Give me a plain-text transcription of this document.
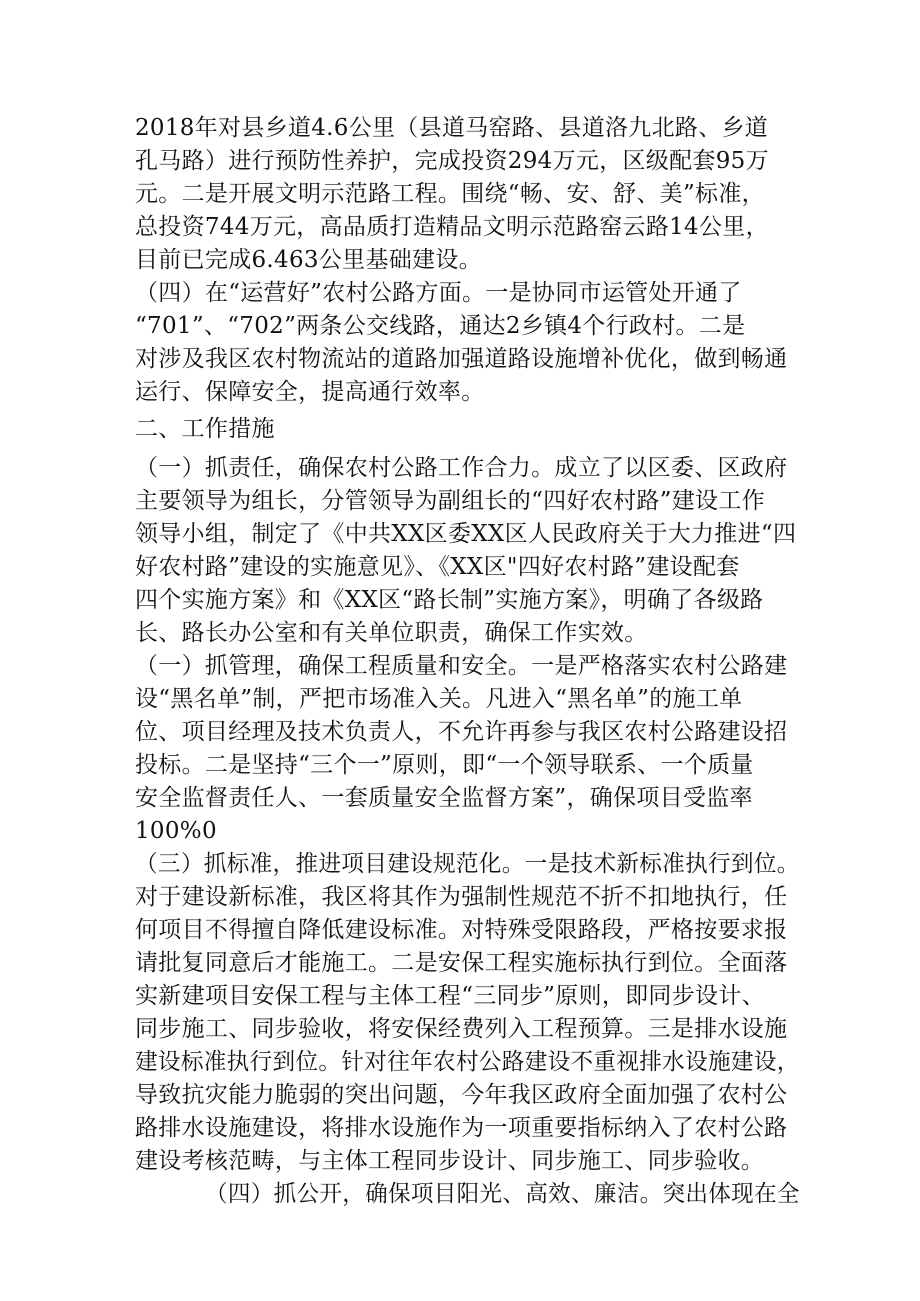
2018年对县乡道4.6公里（县道马窑路、县道洛九北路、乡道
孔马路）进行预防性养护，完成投资294万元，区级配套95万
元。二是开展文明示范路工程。围绕“畅、安、舒、美”标准，
总投资744万元，高品质打造精品文明示范路窑云路14公里，
目前已完成6.463公里基础建设。
（四）在“运营好”农村公路方面。一是协同市运管处开通了
“701”、“702”两条公交线路，通达2乡镇4个行政村。二是
对涉及我区农村物流站的道路加强道路设施增补优化，做到畅通
运行、保障安全，提高通行效率。
二、工作措施
（一）抓责任，确保农村公路工作合力。成立了以区委、区政府
主要领导为组长，分管领导为副组长的“四好农村路”建设工作
领导小组，制定了《中共XX区委XX区人民政府关于大力推进“四
好农村路”建设的实施意见》、《XX区"四好农村路”建设配套
四个实施方案》和《XX区“路长制”实施方案》，明确了各级路
长、路长办公室和有关单位职责，确保工作实效。
（一）抓管理，确保工程质量和安全。一是严格落实农村公路建
设“黑名单”制，严把市场准入关。凡进入“黑名单”的施工单
位、项目经理及技术负责人，不允许再参与我区农村公路建设招
投标。二是坚持“三个一”原则，即“一个领导联系、一个质量
安全监督责任人、一套质量安全监督方案”，确保项目受监率
100%0
（三）抓标准，推进项目建设规范化。一是技术新标准执行到位。
对于建设新标准，我区将其作为强制性规范不折不扣地执行，任
何项目不得擅自降低建设标准。对特殊受限路段，严格按要求报
请批复同意后才能施工。二是安保工程实施标执行到位。全面落
实新建项目安保工程与主体工程“三同步”原则，即同步设计、
同步施工、同步验收，将安保经费列入工程预算。三是排水设施
建设标准执行到位。针对往年农村公路建设不重视排水设施建设，
导致抗灾能力脆弱的突出问题，今年我区政府全面加强了农村公
路排水设施建设，将排水设施作为一项重要指标纳入了农村公路
建设考核范畴，与主体工程同步设计、同步施工、同步验收。
（四）抓公开，确保项目阳光、高效、廉洁。突出体现在全
